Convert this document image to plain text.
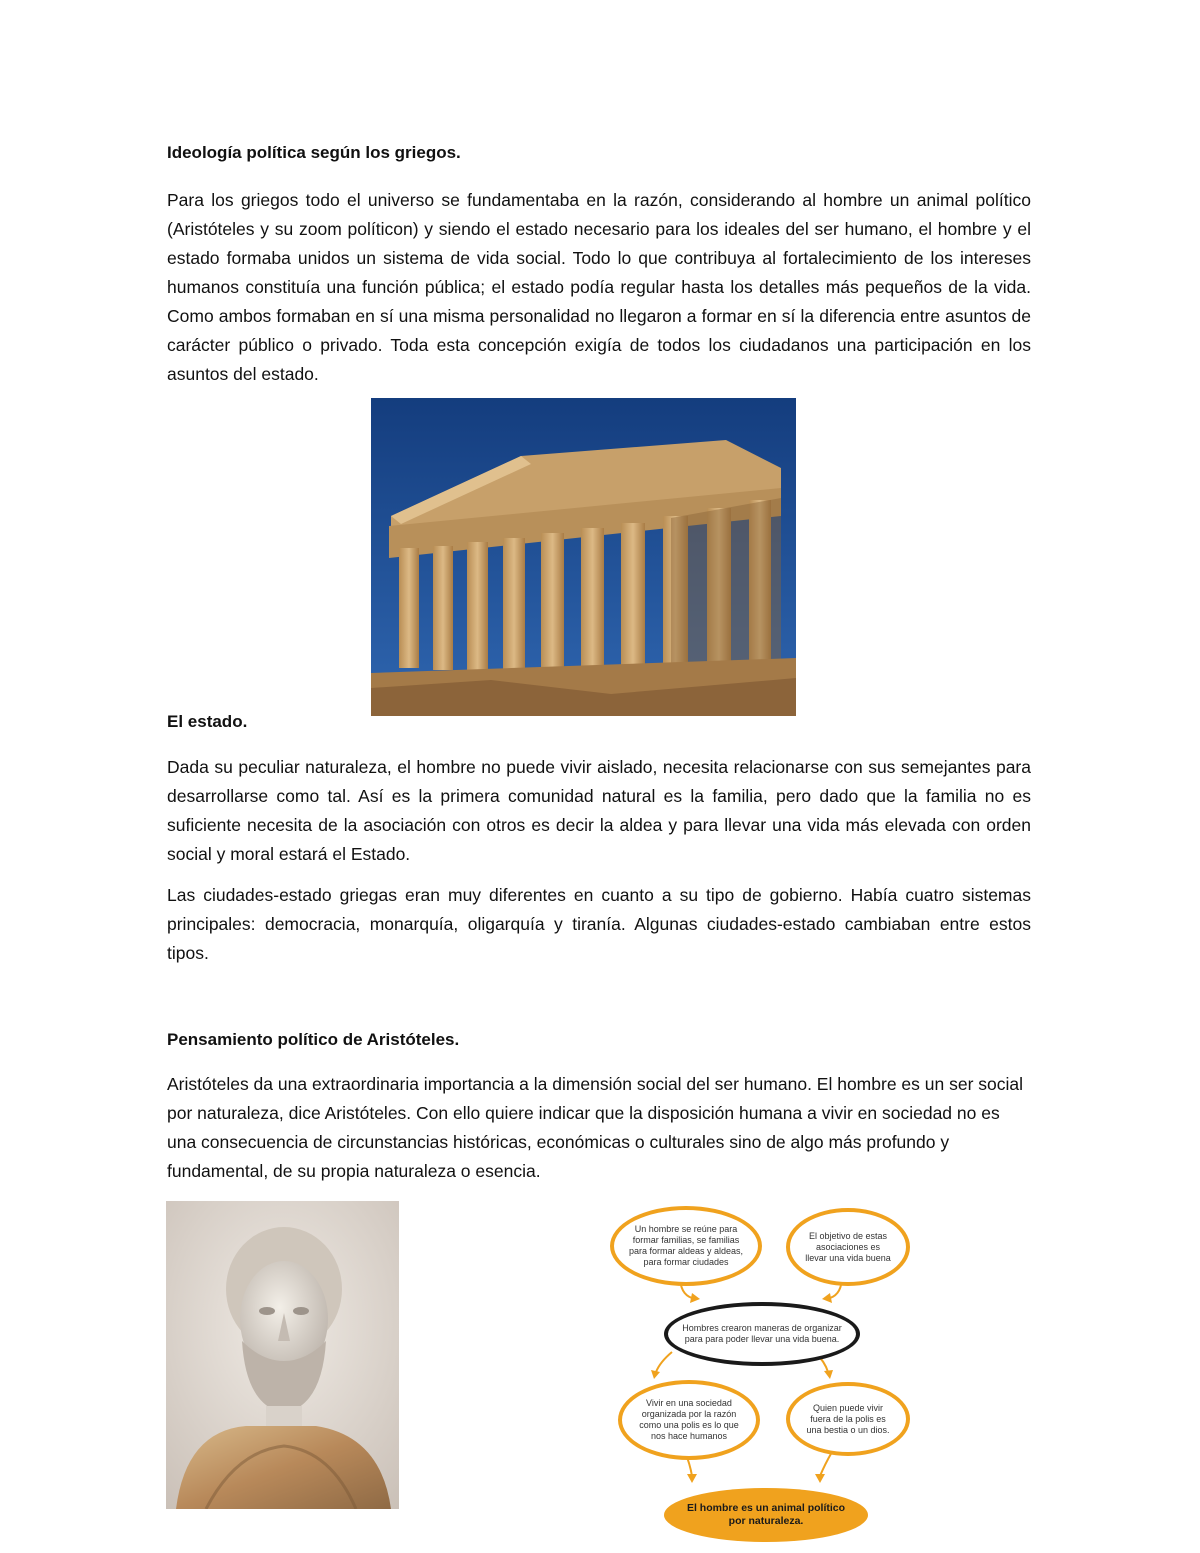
Ideología política según los griegos.

Para los griegos todo el universo se fundamentaba en la razón, considerando al hombre un animal político (Aristóteles y su zoom políticon) y siendo el estado necesario para los ideales del ser humano, el hombre y el estado formaba unidos un sistema de vida social. Todo lo que contribuya al fortalecimiento de los intereses humanos constituía una función pública; el estado podía regular hasta los detalles más pequeños de la vida. Como ambos formaban en sí una misma personalidad no llegaron a formar en sí la diferencia entre asuntos de carácter público o privado. Toda esta concepción exigía de todos los ciudadanos una participación en los asuntos del estado.

El estado.

Dada su peculiar naturaleza, el hombre no puede vivir aislado, necesita relacionarse con sus semejantes para desarrollarse como tal. Así es la primera comunidad natural es la familia, pero dado que la familia no es suficiente necesita de la asociación con otros es decir la aldea y para llevar una vida más elevada con orden social y moral estará el Estado.

Las ciudades-estado griegas eran muy diferentes en cuanto a su tipo de gobierno. Había cuatro sistemas principales: democracia, monarquía, oligarquía y tiranía. Algunas ciudades-estado cambiaban entre estos tipos.

Pensamiento político de Aristóteles.

Aristóteles da una extraordinaria importancia a la dimensión social del ser humano. El hombre es un ser social por naturaleza, dice Aristóteles. Con ello quiere indicar que la disposición humana a vivir en sociedad no es una consecuencia de circunstancias históricas, económicas o culturales sino de algo más profundo y fundamental, de su propia naturaleza o esencia.

Un hombre se reúne para formar familias, se familias para formar aldeas y aldeas, para formar ciudades
El objetivo de estas asociaciones es llevar una vida buena
Hombres crearon maneras de organizar para para poder llevar una vida buena.
Vivir en una sociedad organizada por la razón como una polis es lo que nos hace humanos
Quien puede vivir fuera de la polis es una bestia o un dios.
El hombre es un animal político por naturaleza.
